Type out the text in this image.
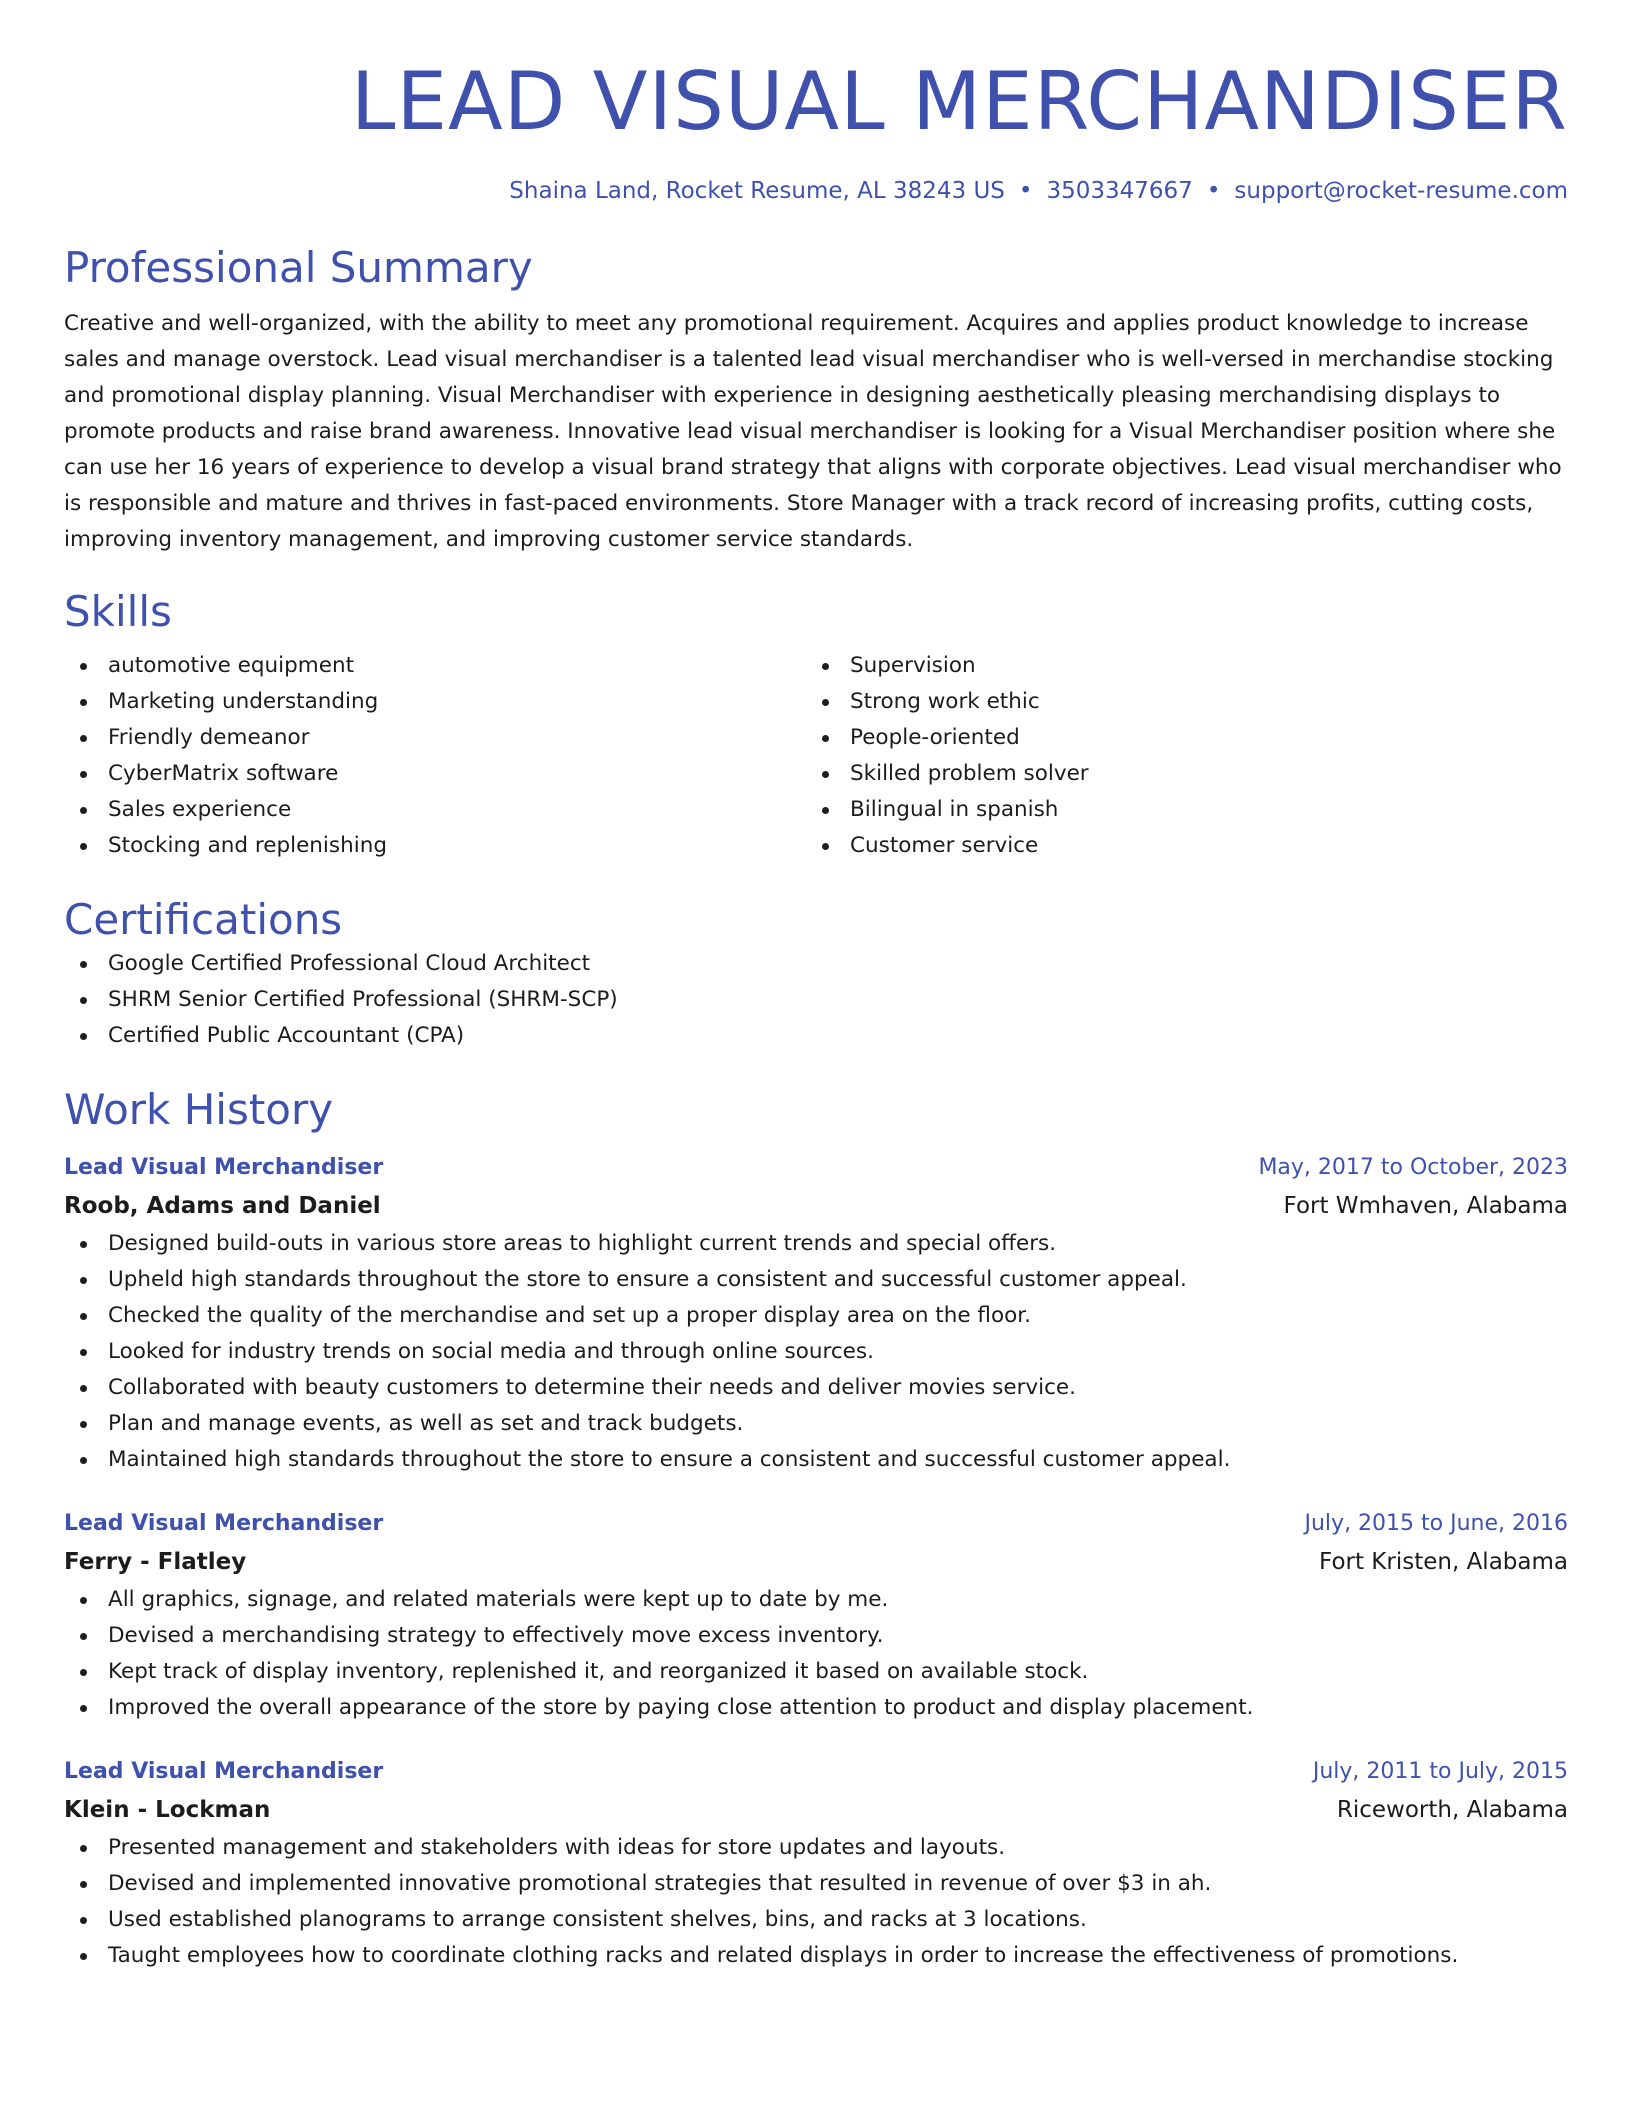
LEAD VISUAL MERCHANDISER
Shaina Land, Rocket Resume, AL 38243 US • 3503347667 • support@rocket-resume.com
Professional Summary
Creative and well-organized, with the ability to meet any promotional requirement. Acquires and applies product knowledge to increase sales and manage overstock. Lead visual merchandiser is a talented lead visual merchandiser who is well-versed in merchandise stocking and promotional display planning. Visual Merchandiser with experience in designing aesthetically pleasing merchandising displays to promote products and raise brand awareness. Innovative lead visual merchandiser is looking for a Visual Merchandiser position where she can use her 16 years of experience to develop a visual brand strategy that aligns with corporate objectives. Lead visual merchandiser who is responsible and mature and thrives in fast-paced environments. Store Manager with a track record of increasing profits, cutting costs, improving inventory management, and improving customer service standards.
Skills
automotive equipment
Marketing understanding
Friendly demeanor
CyberMatrix software
Sales experience
Stocking and replenishing
Supervision
Strong work ethic
People-oriented
Skilled problem solver
Bilingual in spanish
Customer service
Certifications
Google Certified Professional Cloud Architect
SHRM Senior Certified Professional (SHRM-SCP)
Certified Public Accountant (CPA)
Work History
Lead Visual Merchandiser	May, 2017 to October, 2023
Roob, Adams and Daniel	Fort Wmhaven, Alabama
Designed build-outs in various store areas to highlight current trends and special offers.
Upheld high standards throughout the store to ensure a consistent and successful customer appeal.
Checked the quality of the merchandise and set up a proper display area on the floor.
Looked for industry trends on social media and through online sources.
Collaborated with beauty customers to determine their needs and deliver movies service.
Plan and manage events, as well as set and track budgets.
Maintained high standards throughout the store to ensure a consistent and successful customer appeal.
Lead Visual Merchandiser	July, 2015 to June, 2016
Ferry - Flatley	Fort Kristen, Alabama
All graphics, signage, and related materials were kept up to date by me.
Devised a merchandising strategy to effectively move excess inventory.
Kept track of display inventory, replenished it, and reorganized it based on available stock.
Improved the overall appearance of the store by paying close attention to product and display placement.
Lead Visual Merchandiser	July, 2011 to July, 2015
Klein - Lockman	Riceworth, Alabama
Presented management and stakeholders with ideas for store updates and layouts.
Devised and implemented innovative promotional strategies that resulted in revenue of over $3 in ah.
Used established planograms to arrange consistent shelves, bins, and racks at 3 locations.
Taught employees how to coordinate clothing racks and related displays in order to increase the effectiveness of promotions.
